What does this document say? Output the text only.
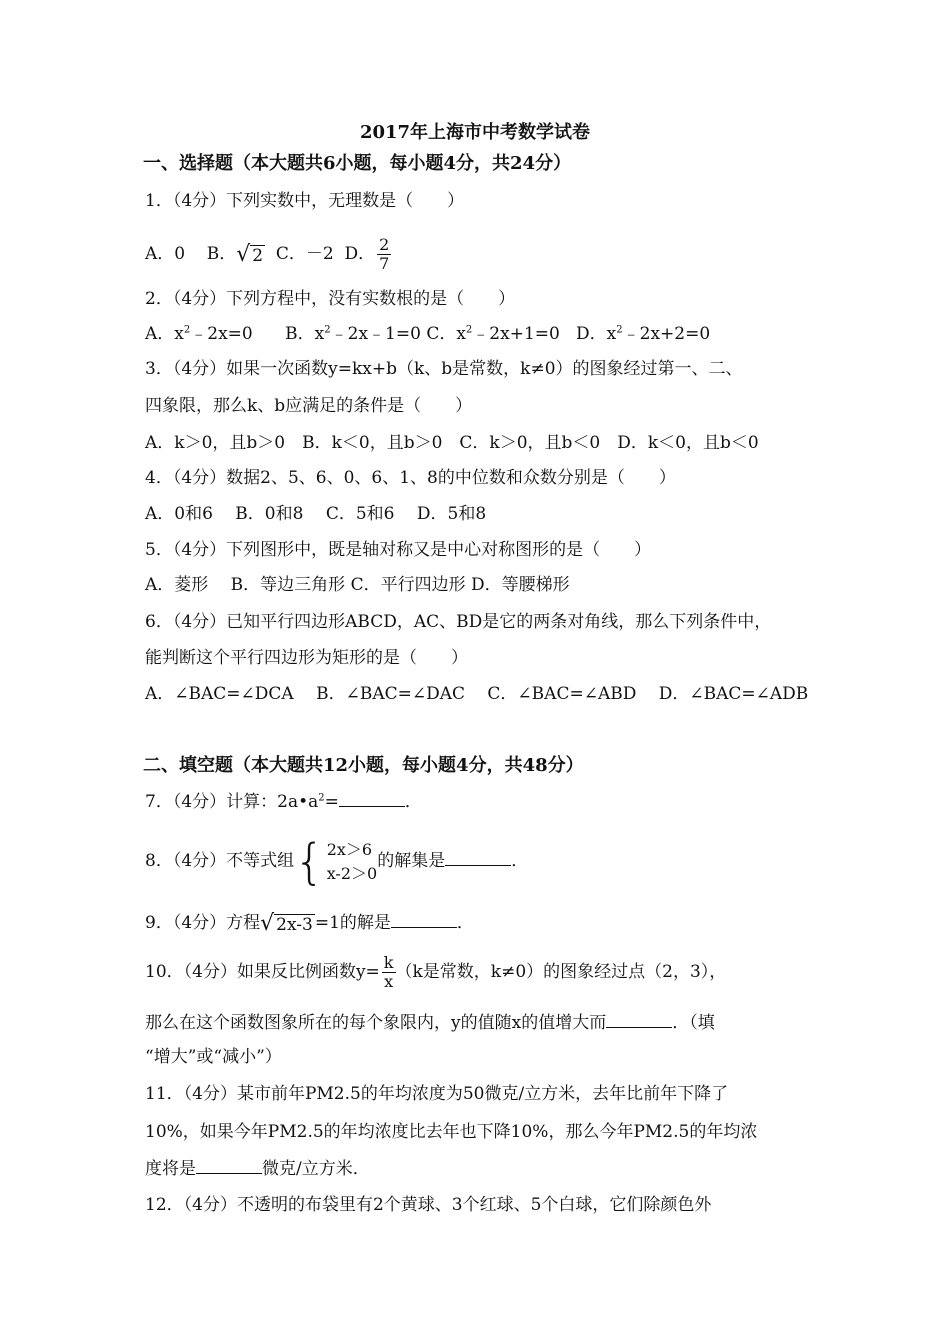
2017年上海市中考数学试卷
一、选择题（本大题共6小题，每小题4分，共24分）
1．（4分）下列实数中，无理数是（　　）
A．0 B． √ 2 C．－2 D． $\frac{2}{7}$
2．（4分）下列方程中，没有实数根的是（　　）
A．$x^2﹣2x=0$ B．$x^2﹣2x﹣1=0$ C．$x^2﹣2x+1=0$ D．$x^2﹣2x+2=0$
3．（4分）如果一次函数y=kx+b（k、b是常数，k≠0）的图象经过第一、二、
四象限，那么k、b应满足的条件是（　　）
A．k＞0，且b＞0　B．k＜0，且b＞0　C．k＞0，且b＜0　D．k＜0，且b＜0
4．（4分）数据2、5、6、0、6、1、8的中位数和众数分别是（　　）
A．0和6　 B．0和8　 C．5和6　 D．5和8
5．（4分）下列图形中，既是轴对称又是中心对称图形的是（　　）
A．菱形　 B．等边三角形 C．平行四边形 D．等腰梯形
6．（4分）已知平行四边形ABCD，AC、BD是它的两条对角线，那么下列条件中，
能判断这个平行四边形为矩形的是（　　）
A．∠BAC=∠DCA　 B．∠BAC=∠DAC　 C．∠BAC=∠ABD　 D．∠BAC=∠ADB
二、填空题（本大题共12小题，每小题4分，共48分）
7．（4分）计算：$2a•a^2=$	．
8．（4分）不等式组 { 2x＞6
x-2＞0
的解集是	．
9．（4分）方程 √ 2x-3 =1的解是	．
10．（4分）如果反比例函数$y= \frac{k}{x} (k$是常数，k≠0）的图象经过点（2，3），
那么在这个函数图象所在的每个象限内，y的值随x的值增大而	．（填
“增大”或“减小”）
11．（4分）某市前年PM2.5的年均浓度为50微克/立方米，去年比前年下降了
10%，如果今年PM2.5的年均浓度比去年也下降10%，那么今年PM2.5的年均浓
度将是	微克/立方米．
12．（4分）不透明的布袋里有2个黄球、3个红球、5个白球，它们除颜色外
